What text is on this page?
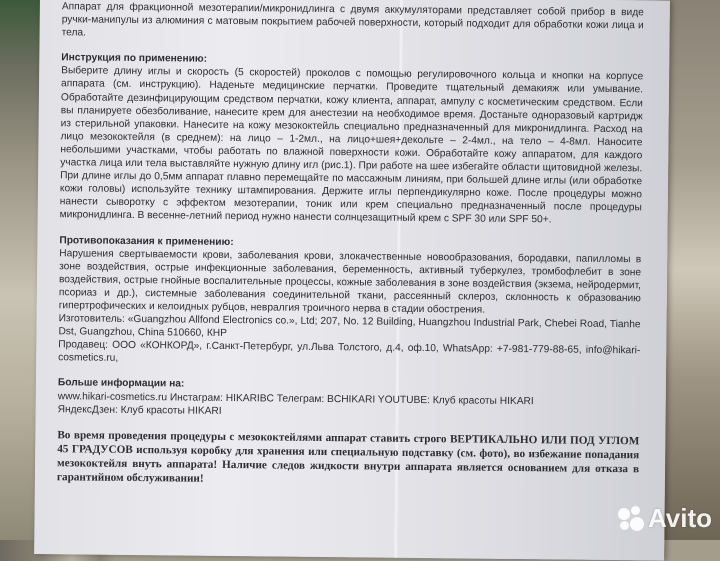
Аппарат для фракционной мезотерапии/микронидлинга с двумя аккумуляторами представляет собой прибор в виде ручки-манипулы из алюминия с матовым покрытием рабочей поверхности, который подходит для обработки кожи лица и тела.

Инструкция по применению:

Выберите длину иглы и скорость (5 скоростей) проколов с помощью регулировочного кольца и кнопки на корпусе аппарата (см. инструкцию). Наденьте медицинские перчатки. Проведите тщательный демакияж или умывание. Обработайте дезинфицирующим средством перчатки, кожу клиента, аппарат, ампулу с косметическим средством. Если вы планируете обезболивание, нанесите крем для анестезии на необходимое время. Достаньте одноразовый картридж из стерильной упаковки. Нанесите на кожу мезококтейль специально предназначенный для микронидлинга. Расход на лицо мезококтейля (в среднем): на лицо – 1-2мл., на лицо+шея+декольте – 2-4мл., на тело – 4-8мл. Наносите небольшими участками, чтобы работать по влажной поверхности кожи. Обработайте кожу аппаратом, для каждого участка лица или тела выставляйте нужную длину игл (рис.1). При работе на шее избегайте области щитовидной железы. При длине иглы до 0,5мм аппарат плавно перемещайте по массажным линиям, при большей длине иглы (или обработке кожи головы) используйте технику штампирования. Держите иглы перпендикулярно коже. После процедуры можно нанести сыворотку с эффектом мезотерапии, тоник или крем специально предназначенный после процедуры микронидлинга. В весенне-летний период нужно нанести солнцезащитный крем с SPF 30 или SPF 50+.

Противопоказания к применению:

Нарушения свертываемости крови, заболевания крови, злокачественные новообразования, бородавки, папилломы в зоне воздействия, острые инфекционные заболевания, беременность, активный туберкулез, тромбофлебит в зоне воздействия, острые гнойные воспалительные процессы, кожные заболевания в зоне воздействия (экзема, нейродермит, псориаз и др.), системные заболевания соединительной ткани, рассеянный склероз, склонность к образованию гипертрофических и келоидных рубцов, невралгия троичного нерва в стадии обострения.

Изготовитель: «Guangzhou Allfond Electronics co.», Ltd; 207, No. 12 Building, Huangzhou Industrial Park, Chebei Road, Tianhe Dst, Guangzhou, China 510660, КНР

Продавец: ООО «КОНКОРД», г.Санкт-Петербург, ул.Льва Толстого, д.4, оф.10, WhatsApp: +7-981-779-88-65, info@hikari-cosmetics.ru,

Больше информации на:

www.hikari-cosmetics.ru Инстаграм: HIKARIBC Телеграм: BCHIKARI YOUTUBE: Клуб красоты HIKARI

ЯндексДзен: Клуб красоты HIKARI

Во время проведения процедуры с мезококтейлями аппарат ставить строго ВЕРТИКАЛЬНО ИЛИ ПОД УГЛОМ 45 ГРАДУСОВ используя коробку для хранения или специальную подставку (см. фото), во избежание попадания мезококтейля внуть аппарата! Наличие следов жидкости внутри аппарата является основанием для отказа в гарантийном обслуживании!

Avito
